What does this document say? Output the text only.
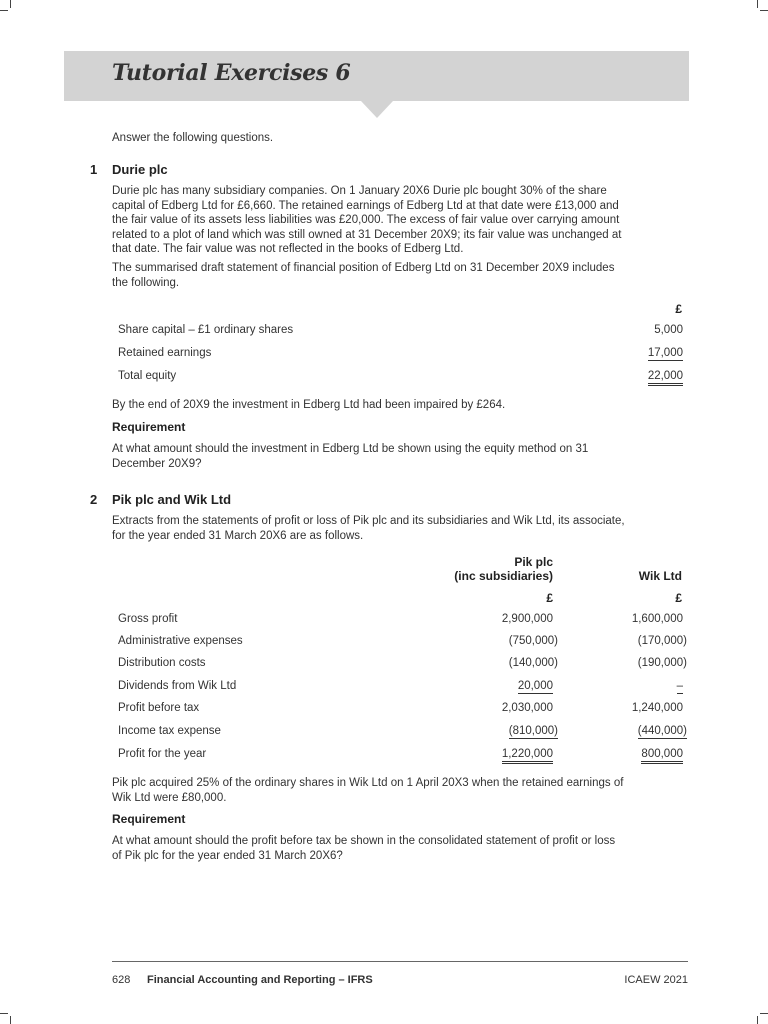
Tutorial Exercises 6
Answer the following questions.
1 Durie plc
Durie plc has many subsidiary companies. On 1 January 20X6 Durie plc bought 30% of the share
capital of Edberg Ltd for £6,660. The retained earnings of Edberg Ltd at that date were £13,000 and
the fair value of its assets less liabilities was £20,000. The excess of fair value over carrying amount
related to a plot of land which was still owned at 31 December 20X9; its fair value was unchanged at
that date. The fair value was not reflected in the books of Edberg Ltd.
The summarised draft statement of financial position of Edberg Ltd on 31 December 20X9 includes
the following.
£
Share capital – £1 ordinary shares	5,000
Retained earnings	17,000
Total equity	22,000
By the end of 20X9 the investment in Edberg Ltd had been impaired by £264.
Requirement
At what amount should the investment in Edberg Ltd be shown using the equity method on 31
December 20X9?
2 Pik plc and Wik Ltd
Extracts from the statements of profit or loss of Pik plc and its subsidiaries and Wik Ltd, its associate,
for the year ended 31 March 20X6 are as follows.
Pik plc
(inc subsidiaries)	Wik Ltd
£	£
Gross profit	2,900,000	1,600,000
Administrative expenses	(750,000)	(170,000)
Distribution costs	(140,000)	(190,000)
Dividends from Wik Ltd	20,000	–
Profit before tax	2,030,000	1,240,000
Income tax expense	(810,000)	(440,000)
Profit for the year	1,220,000	800,000
Pik plc acquired 25% of the ordinary shares in Wik Ltd on 1 April 20X3 when the retained earnings of
Wik Ltd were £80,000.
Requirement
At what amount should the profit before tax be shown in the consolidated statement of profit or loss
of Pik plc for the year ended 31 March 20X6?
628 Financial Accounting and Reporting – IFRS	ICAEW 2021
